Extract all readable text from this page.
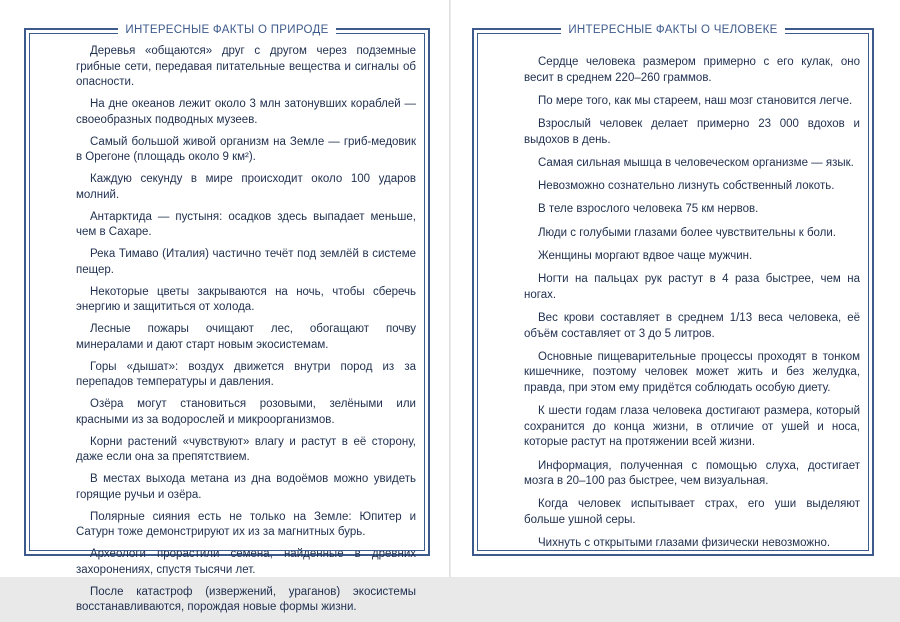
ИНТЕРЕСНЫЕ ФАКТЫ О ПРИРОДЕ
Деревья «общаются» друг с другом через подземные грибные сети, передавая питательные вещества и сигналы об опасности.
На дне океанов лежит около 3 млн затонувших кораблей — своеобразных подводных музеев.
Самый большой живой организм на Земле — гриб-медовик в Орегоне (площадь около 9 км²).
Каждую секунду в мире происходит около 100 ударов молний.
Антарктида — пустыня: осадков здесь выпадает меньше, чем в Сахаре.
Река Тимаво (Италия) частично течёт под землёй в системе пещер.
Некоторые цветы закрываются на ночь, чтобы сберечь энергию и защититься от холода.
Лесные пожары очищают лес, обогащают почву минералами и дают старт новым экосистемам.
Горы «дышат»: воздух движется внутри пород из за перепадов температуры и давления.
Озёра могут становиться розовыми, зелёными или красными из за водорослей и микроорганизмов.
Корни растений «чувствуют» влагу и растут в её сторону, даже если она за препятствием.
В местах выхода метана из дна водоёмов можно увидеть горящие ручьи и озёра.
Полярные сияния есть не только на Земле: Юпитер и Сатурн тоже демонстрируют их из за магнитных бурь.
Археологи прорастили семена, найденные в древних захоронениях, спустя тысячи лет.
После катастроф (извержений, ураганов) экосистемы восстанавливаются, порождая новые формы жизни.
ИНТЕРЕСНЫЕ ФАКТЫ О ЧЕЛОВЕКЕ
Сердце человека размером примерно с его кулак, оно весит в среднем 220–260 граммов.
По мере того, как мы стареем, наш мозг становится легче.
Взрослый человек делает примерно 23 000 вдохов и выдохов в день.
Самая сильная мышца в человеческом организме — язык.
Невозможно сознательно лизнуть собственный локоть.
В теле взрослого человека 75 км нервов.
Люди с голубыми глазами более чувствительны к боли.
Женщины моргают вдвое чаще мужчин.
Ногти на пальцах рук растут в 4 раза быстрее, чем на ногах.
Вес крови составляет в среднем 1/13 веса человека, её объём составляет от 3 до 5 литров.
Основные пищеварительные процессы проходят в тонком кишечнике, поэтому человек может жить и без желудка, правда, при этом ему придётся соблюдать особую диету.
К шести годам глаза человека достигают размера, который сохранится до конца жизни, в отличие от ушей и носа, которые растут на протяжении всей жизни.
Информация, полученная с помощью слуха, достигает мозга в 20–100 раз быстрее, чем визуальная.
Когда человек испытывает страх, его уши выделяют больше ушной серы.
Чихнуть с открытыми глазами физически невозможно.
